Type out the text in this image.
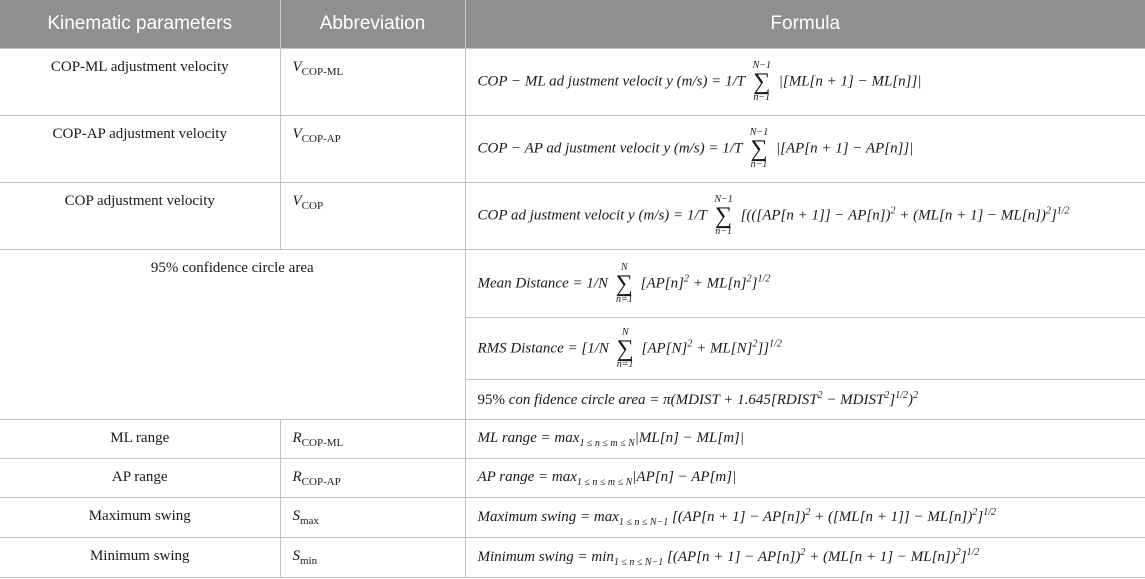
Kinematic parameters	Abbreviation	Formula
COP-ML adjustment velocity	$V_{COP-ML}$	COP − ML ad justment velocit y (m/s) = 1/T
N−1
∑
n−1
|[ML[n + 1] − ML[n]]|
COP-AP adjustment velocity	$V_{COP-AP}$	COP − AP ad justment velocit y (m/s) = 1/T
N−1
∑
n−1
|[AP[n + 1] − AP[n]]|
COP adjustment velocity	$V_{COP}$	COP ad justment velocit y (m/s) = 1/T
N−1
∑
n−1
[$(([AP[n + 1]] - AP[n])^2 + (ML[n + 1] - ML[n])^2]^{1/2}$
95% confidence circle area		Mean Distance = 1/N
N
∑
n=1
$[AP[n]^2 + ML[n]^2]^{1/2}$
		RMS Distance = [1/N
N
∑
n=1
$[AP[N]^2 + ML[N]^2]]^{1/2}$
		95% con fidence circle area = π(MDIST + $1.645[RDIST^2$ − $MDIST^2]^{1/2})^2$
ML range	$R_{COP-ML}$	ML range = $\max_{1 \le n \le m \le N}|ML[n] - ML[m]|$
AP range	$R_{COP-AP}$	AP range = $\max_{1 \le n \le m \le N}|AP[n] - AP[m]|$
Maximum swing	$S_{max}$	Maximum swing = $\max_{1 \le n \le N-1} [(AP[n + 1] - AP[n])^2 + ([ML[n + 1]] - ML[n])^2]^{1/2}$
Minimum swing	$S_{min}$	Minimum swing = $\min_{1 \le n \le N-1} [(AP[n + 1] - AP[n])^2 + (ML[n + 1] - ML[n])^2]^{1/2}$
